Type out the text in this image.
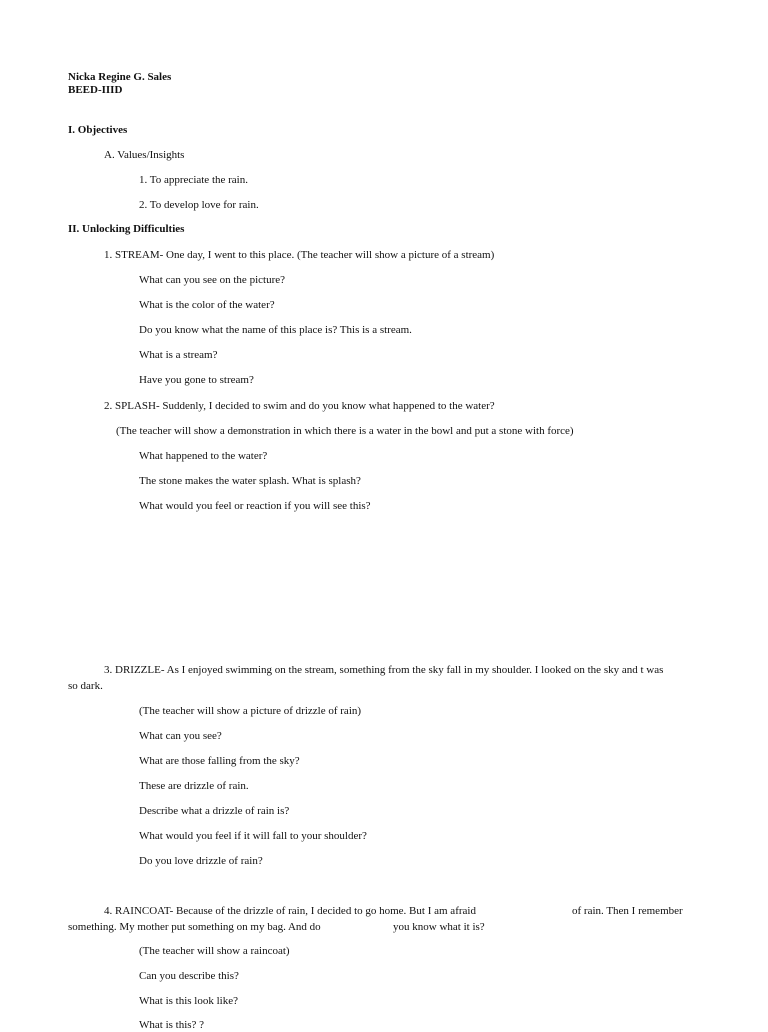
Nicka Regine G. Sales
BEED-IIID
I. Objectives
A. Values/Insights
1. To appreciate the rain.
2. To develop love for rain.
II. Unlocking Difficulties
1. STREAM- One day, I went to this place. (The teacher will show a picture of a stream)
What can you see on the picture?
What is the color of the water?
Do you know what the name of this place is? This is a stream.
What is a stream?
Have you gone to stream?
2. SPLASH- Suddenly, I decided to swim and do you know what happened to the water?
(The teacher will show a demonstration in which there is a water in the bowl and put a stone with force)
What happened to the water?
The stone makes the water splash. What is splash?
What would you feel or reaction if you will see this?
3. DRIZZLE- As I enjoyed swimming on the stream, something from the sky fall in my shoulder. I looked on the sky and t was
so dark.
(The teacher will show a picture of drizzle of rain)
What can you see?
What are those falling from the sky?
These are drizzle of rain.
Describe what a drizzle of rain is?
What would you feel if it will fall to your shoulder?
Do you love drizzle of rain?
4. RAINCOAT- Because of the drizzle of rain, I decided to go home. But I am afraid	of rain. Then I remember
something. My mother put something on my bag. And do	you know what it is?
(The teacher will show a raincoat)
Can you describe this?
What is this look like?
What is this? ?
